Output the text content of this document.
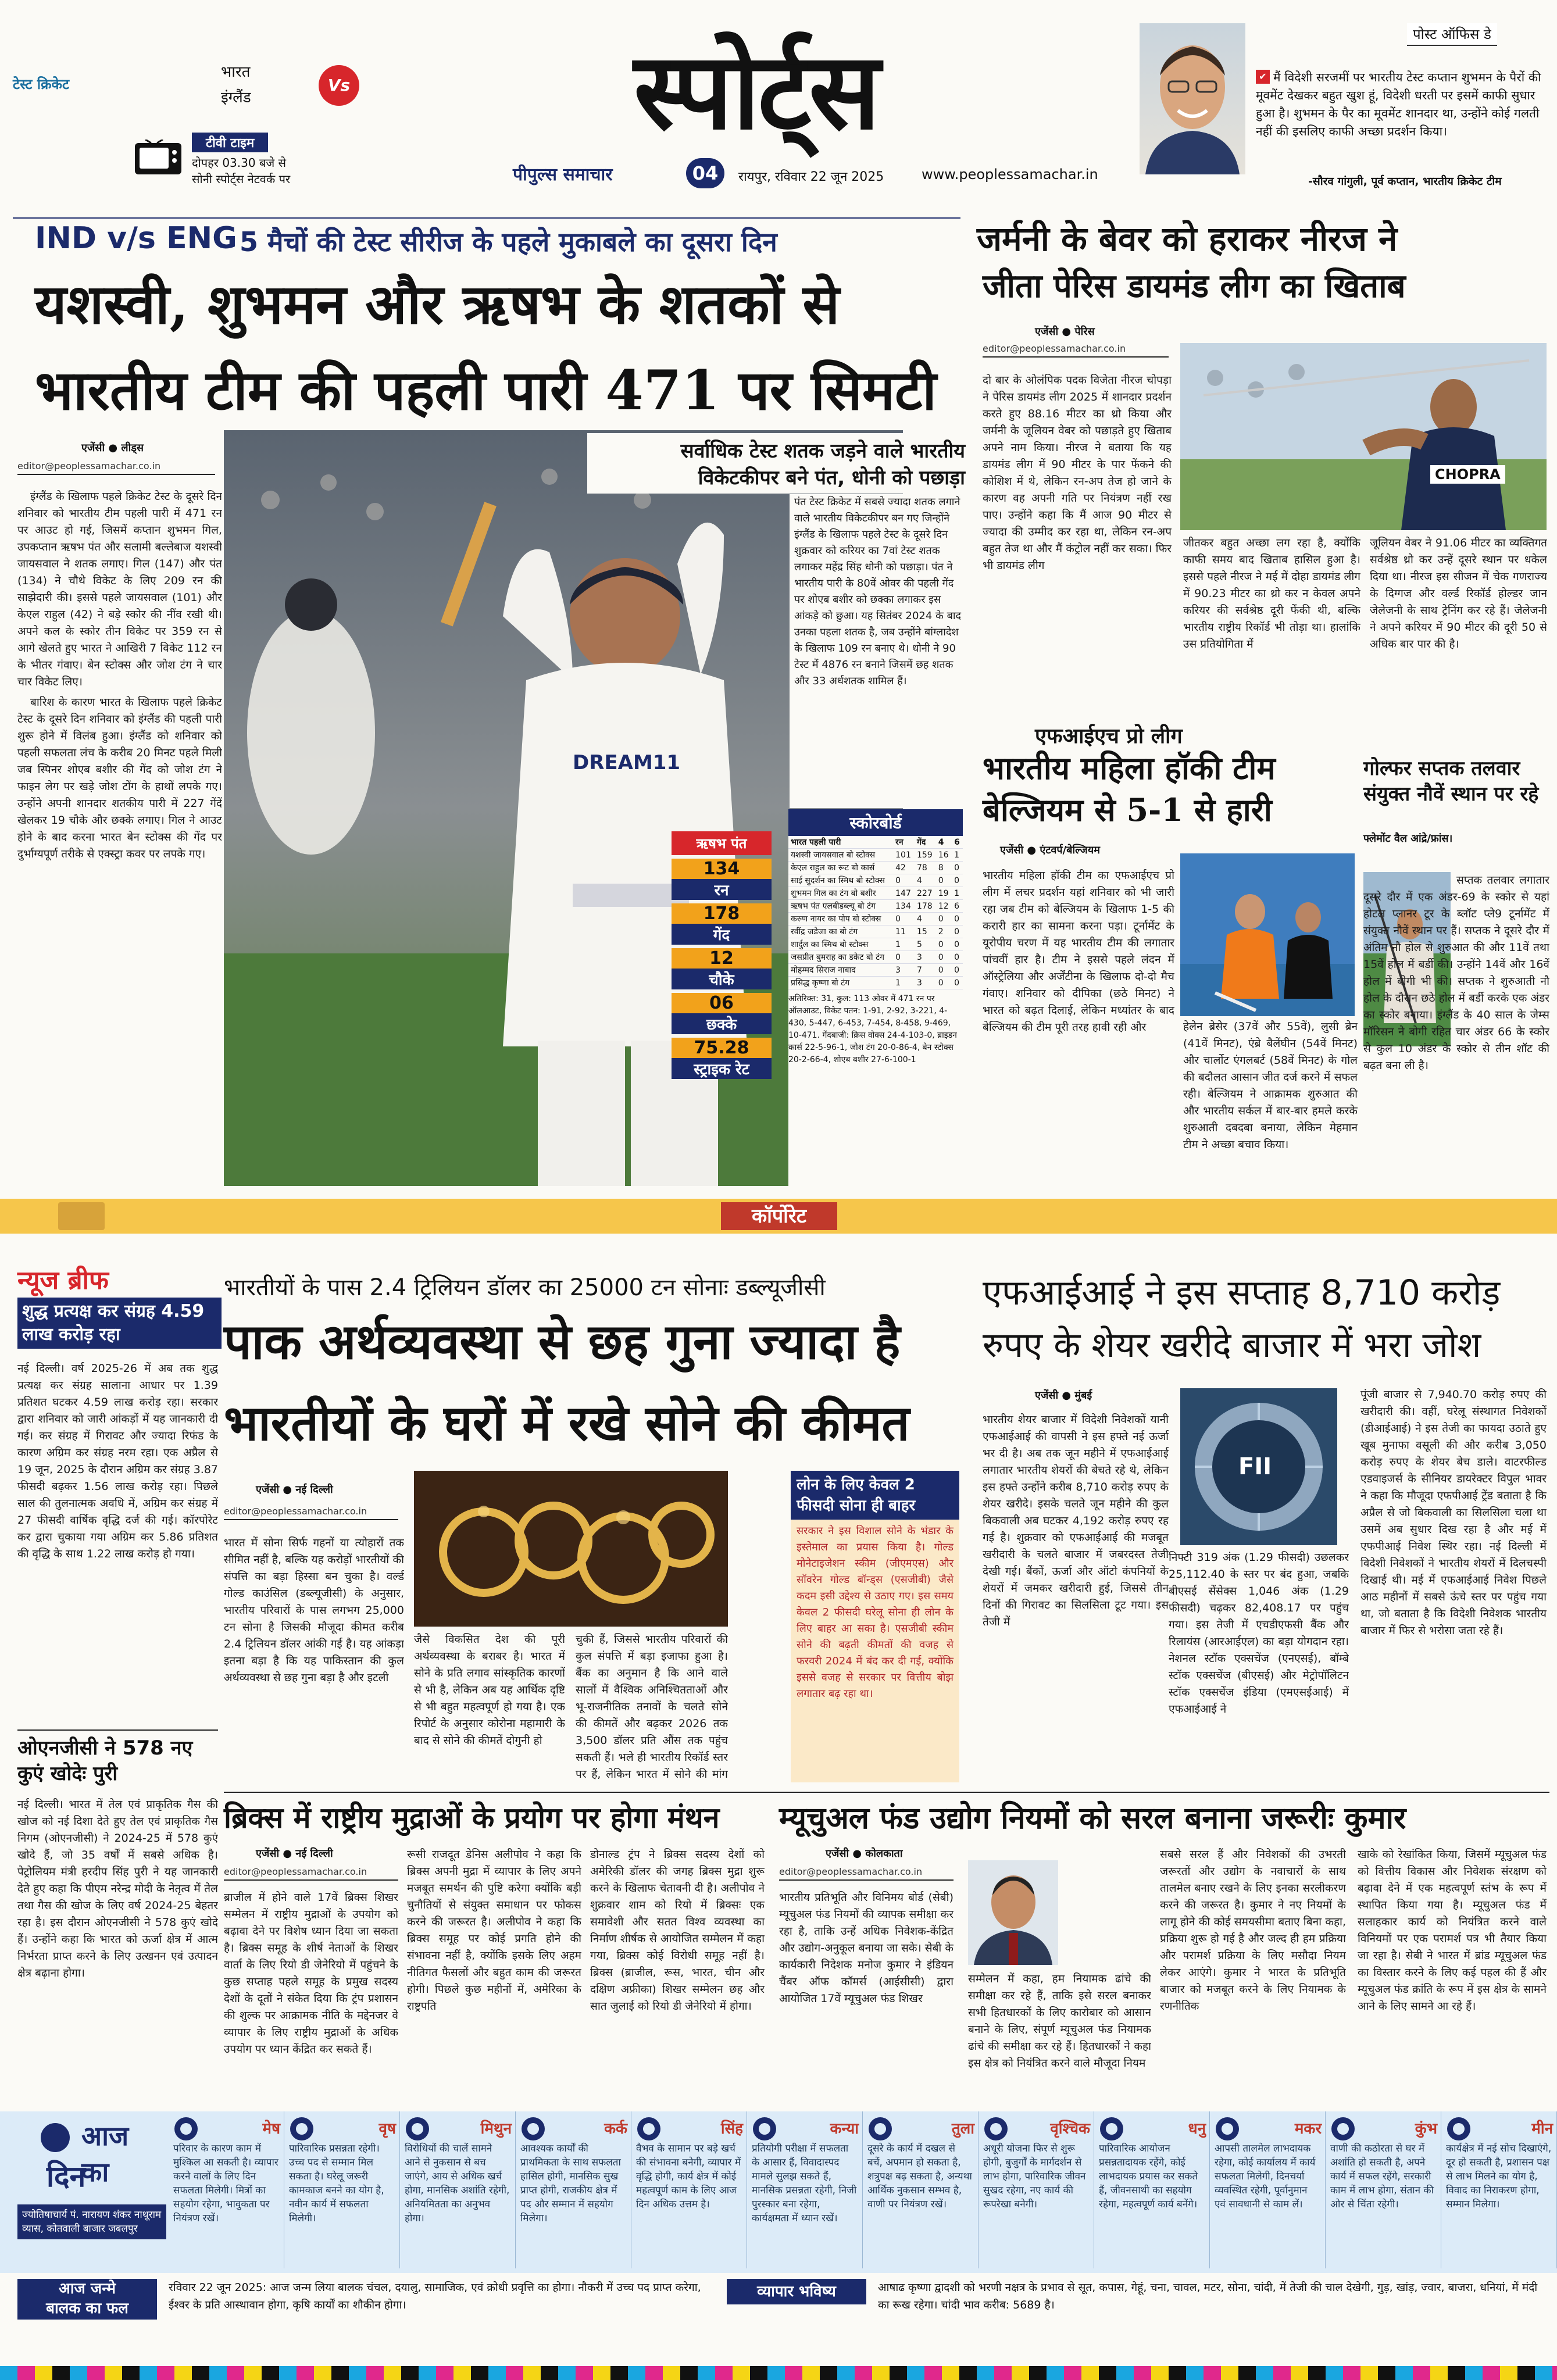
टेस्ट क्रिकेट
भारत
इंग्लैंड
Vs
टीवी टाइम
दोपहर 03.30 बजे से
सोनी स्पोर्ट्स नेटवर्क पर
स्पोर्ट्स
पीपुल्स समाचार	04	रायपुर, रविवार 22 जून 2025	www.peoplessamachar.in
पोस्ट ऑफिस डे
✔ मैं विदेशी सरजमीं पर भारतीय टेस्ट कप्तान शुभमन के पैरों की मूवमेंट देखकर बहुत खुश हूं, विदेशी धरती पर इसमें काफी सुधार हुआ है। शुभमन के पैर का मूवमेंट शानदार था, उन्होंने कोई गलती नहीं की इसलिए काफी अच्छा प्रदर्शन किया।
-सौरव गांगुली, पूर्व कप्तान, भारतीय क्रिकेट टीम
IND v/s ENG 5 मैचों की टेस्ट सीरीज के पहले मुकाबले का दूसरा दिन
यशस्वी, शुभमन और ऋषभ के शतकों से
भारतीय टीम की पहली पारी 471 पर सिमटी
एजेंसी ● लीड्स
editor@peoplessamachar.co.in

इंग्लैंड के खिलाफ पहले क्रिकेट टेस्ट के दूसरे दिन शनिवार को भारतीय टीम पहली पारी में 471 रन पर आउट हो गई, जिसमें कप्तान शुभमन गिल, उपकप्तान ऋषभ पंत और सलामी बल्लेबाज यशस्वी जायसवाल ने शतक लगाए। गिल (147) और पंत (134) ने चौथे विकेट के लिए 209 रन की साझेदारी की। इससे पहले जायसवाल (101) और केएल राहुल (42) ने बड़े स्कोर की नींव रखी थी। अपने कल के स्कोर तीन विकेट पर 359 रन से आगे खेलते हुए भारत ने आखिरी 7 विकेट 112 रन के भीतर गंवाए। बेन स्टोक्स और जोश टंग ने चार चार विकेट लिए।

बारिश के कारण भारत के खिलाफ पहले क्रिकेट टेस्ट के दूसरे दिन शनिवार को इंग्लैंड की पहली पारी शुरू होने में विलंब हुआ। इंग्लैंड को शनिवार को पहली सफलता लंच के करीब 20 मिनट पहले मिली जब स्पिनर शोएब बशीर की गेंद को जोश टंग ने फाइन लेग पर खड़े जोश टोंग के हाथों लपके गए। उन्होंने अपनी शानदार शतकीय पारी में 227 गेंदें खेलकर 19 चौके और छक्के लगाए। गिल ने आउट होने के बाद करना भारत बेन स्टोक्स की गेंद पर दुर्भाग्यपूर्ण तरीके से एक्स्ट्रा कवर पर लपके गए।

DREAM11
ऋषभ पंत
134
रन
178
गेंद
12
चौके
06
छक्के
75.28
स्ट्राइक रेट
सर्वाधिक टेस्ट शतक जड़ने वाले भारतीय
विकेटकीपर बने पंत, धोनी को पछाड़ा
पंत टेस्ट क्रिकेट में सबसे ज्यादा शतक लगाने वाले भारतीय विकेटकीपर बन गए जिन्होंने इंग्लैंड के खिलाफ पहले टेस्ट के दूसरे दिन शुक्रवार को करियर का 7वां टेस्ट शतक लगाकर महेंद्र सिंह धोनी को पछाड़ा। पंत ने भारतीय पारी के 80वें ओवर की पहली गेंद पर शोएब बशीर को छक्का लगाकर इस आंकड़े को छुआ। यह सितंबर 2024 के बाद उनका पहला शतक है, जब उन्होंने बांग्लादेश के खिलाफ 109 रन बनाए थे। धोनी ने 90 टेस्ट में 4876 रन बनाने जिसमें छह शतक और 33 अर्धशतक शामिल हैं।
स्कोरबोर्ड
भारत पहली पारी	रन	गेंद	4	6
यशस्वी जायसवाल बो स्टोक्स	101	159	16	1
केएल राहुल का रूट बो कार्स	42	78	8	0
साई सुदर्शन का स्मिथ बो स्टोक्स	0	4	0	0
शुभमन गिल का टंग बो बशीर	147	227	19	1
ऋषभ पंत एलबीडब्ल्यू बो टंग	134	178	12	6
करुण नायर का पोप बो स्टोक्स	0	4	0	0
रवींद्र जडेजा का बो टंग	11	15	2	0
शार्दुल का स्मिथ बो स्टोक्स	1	5	0	0
जसप्रीत बुमराह का डकेट बो टंग	0	3	0	0
मोहम्मद सिराज नाबाद	3	7	0	0
प्रसिद्ध कृष्णा बो टंग	1	3	0	0
अतिरिक्त: 31, कुल: 113 ओवर में 471 रन पर ऑलआउट, विकेट पतन: 1-91, 2-92, 3-221, 4-430, 5-447, 6-453, 7-454, 8-458, 9-469, 10-471. गेंदबाजी: क्रिस वोक्स 24-4-103-0, ब्राइडन कार्स 22-5-96-1, जोश टंग 20-0-86-4, बेन स्टोक्स 20-2-66-4, शोएब बशीर 27-6-100-1
जर्मनी के बेवर को हराकर नीरज ने
जीता पेरिस डायमंड लीग का खिताब
एजेंसी ● पेरिस
editor@peoplessamachar.co.in
दो बार के ओलंपिक पदक विजेता नीरज चोपड़ा ने पेरिस डायमंड लीग 2025 में शानदार प्रदर्शन करते हुए 88.16 मीटर का थ्रो किया और जर्मनी के जूलियन वेबर को पछाड़ते हुए खिताब अपने नाम किया। नीरज ने बताया कि यह डायमंड लीग में 90 मीटर के पार फेंकने की कोशिश में थे, लेकिन रन-अप तेज हो जाने के कारण वह अपनी गति पर नियंत्रण नहीं रख पाए। उन्होंने कहा कि मैं आज 90 मीटर से ज्यादा की उम्मीद कर रहा था, लेकिन रन-अप बहुत तेज था और मैं कंट्रोल नहीं कर सका। फिर भी डायमंड लीग
CHOPRA
जीतकर बहुत अच्छा लग रहा है, क्योंकि काफी समय बाद खिताब हासिल हुआ है। इससे पहले नीरज ने मई में दोहा डायमंड लीग में 90.23 मीटर का थ्रो कर न केवल अपने करियर की सर्वश्रेष्ठ दूरी फेंकी थी, बल्कि भारतीय राष्ट्रीय रिकॉर्ड भी तोड़ा था। हालांकि उस प्रतियोगिता में
जूलियन वेबर ने 91.06 मीटर का व्यक्तिगत सर्वश्रेष्ठ थ्रो कर उन्हें दूसरे स्थान पर धकेल दिया था। नीरज इस सीजन में चेक गणराज्य के दिग्गज और वर्ल्ड रिकॉर्ड होल्डर जान जेलेजनी के साथ ट्रेनिंग कर रहे हैं। जेलेजनी ने अपने करियर में 90 मीटर की दूरी 50 से अधिक बार पार की है।
एफआईएच प्रो लीग
भारतीय महिला हॉकी टीम
बेल्जियम से 5-1 से हारी
एजेंसी ● एंटवर्प/बेल्जियम
भारतीय महिला हॉकी टीम का एफआईएच प्रो लीग में लचर प्रदर्शन यहां शनिवार को भी जारी रहा जब टीम को बेल्जियम के खिलाफ 1-5 की करारी हार का सामना करना पड़ा। टूर्नामेंट के यूरोपीय चरण में यह भारतीय टीम की लगातार पांचवीं हार है। टीम ने इससे पहले लंदन में ऑस्ट्रेलिया और अर्जेंटीना के खिलाफ दो-दो मैच गंवाए। शनिवार को दीपिका (छठे मिनट) ने भारत को बढ़त दिलाई, लेकिन मध्यांतर के बाद बेल्जियम की टीम पूरी तरह हावी रही और	हेलेन ब्रेसेर (37वें और 55वें), लुसी ब्रेन (41वें मिनट), एंब्रे बैलेंघीन (54वें मिनट) और चार्लोट एंगलबर्ट (58वें मिनट) के गोल की बदौलत आसान जीत दर्ज करने में सफल रही। बेल्जियम ने आक्रामक शुरुआत की और भारतीय सर्कल में बार-बार हमले करके शुरुआती दबदबा बनाया, लेकिन मेहमान टीम ने अच्छा बचाव किया।
गोल्फर सप्तक तलवार संयुक्त नौवें स्थान पर रहे
फ्लेमोंट वैल आंद्रे/फ्रांस।
सप्तक तलवार लगातार दूसरे दौर में एक अंडर-69 के स्कोर से यहां होटल प्लानर टूर के ब्लॉट प्ले9 टूर्नामेंट में संयुक्त नौवें स्थान पर हैं। सप्तक ने दूसरे दौर में अंतिम नौ होल से शुरुआत की और 11वें तथा 15वें होल में बर्डी की। उन्होंने 14वें और 16वें होल में बोगी भी की। सप्तक ने शुरुआती नौ होल के दौरान छठे होल में बर्डी करके एक अंडर का स्कोर बनाया। इंग्लैंड के 40 साल के जेम्स मॉरिसन ने बोगी रहित चार अंडर 66 के स्कोर से कुल 10 अंडर के स्कोर से तीन शॉट की बढ़त बना ली है।
कॉर्पोरेट
न्यूज ब्रीफ
शुद्ध प्रत्यक्ष कर संग्रह 4.59 लाख करोड़ रहा
नई दिल्ली। वर्ष 2025-26 में अब तक शुद्ध प्रत्यक्ष कर संग्रह सालाना आधार पर 1.39 प्रतिशत घटकर 4.59 लाख करोड़ रहा। सरकार द्वारा शनिवार को जारी आंकड़ों में यह जानकारी दी गई। कर संग्रह में गिरावट और ज्यादा रिफंड के कारण अग्रिम कर संग्रह नरम रहा। एक अप्रैल से 19 जून, 2025 के दौरान अग्रिम कर संग्रह 3.87 फीसदी बढ़कर 1.56 लाख करोड़ रहा। पिछले साल की तुलनात्मक अवधि में, अग्रिम कर संग्रह में 27 फीसदी वार्षिक वृद्धि दर्ज की गई। कॉरपोरेट कर द्वारा चुकाया गया अग्रिम कर 5.86 प्रतिशत की वृद्धि के साथ 1.22 लाख करोड़ हो गया।
ओएनजीसी ने 578 नए कुएं खोदेः पुरी
नई दिल्ली। भारत में तेल एवं प्राकृतिक गैस की खोज को नई दिशा देते हुए तेल एवं प्राकृतिक गैस निगम (ओएनजीसी) ने 2024-25 में 578 कुएं खोदे हैं, जो 35 वर्षों में सबसे अधिक है। पेट्रोलियम मंत्री हरदीप सिंह पुरी ने यह जानकारी देते हुए कहा कि पीएम नरेन्द्र मोदी के नेतृत्व में तेल तथा गैस की खोज के लिए वर्ष 2024-25 बेहतर रहा है। इस दौरान ओएनजीसी ने 578 कुएं खोदे हैं। उन्होंने कहा कि भारत को ऊर्जा क्षेत्र में आत्म निर्भरता प्राप्त करने के लिए उत्खनन एवं उत्पादन क्षेत्र बढ़ाना होगा।
भारतीयों के पास 2.4 ट्रिलियन डॉलर का 25000 टन सोनाः डब्ल्यूजीसी
पाक अर्थव्यवस्था से छह गुना ज्यादा है
भारतीयों के घरों में रखे सोने की कीमत
एजेंसी ● नई दिल्ली
editor@peoplessamachar.co.in
भारत में सोना सिर्फ गहनों या त्योहारों तक सीमित नहीं है, बल्कि यह करोड़ों भारतीयों की संपत्ति का बड़ा हिस्सा बन चुका है। वर्ल्ड गोल्ड काउंसिल (डब्ल्यूजीसी) के अनुसार, भारतीय परिवारों के पास लगभग 25,000 टन सोना है जिसकी मौजूदा कीमत करीब 2.4 ट्रिलियन डॉलर आंकी गई है। यह आंकड़ा इतना बड़ा है कि यह पाकिस्तान की कुल अर्थव्यवस्था से छह गुना बड़ा है और इटली
जैसे विकसित देश की पूरी अर्थव्यवस्था के बराबर है। भारत में सोने के प्रति लगाव सांस्कृतिक कारणों से भी है, लेकिन अब यह आर्थिक दृष्टि से भी बहुत महत्वपूर्ण हो गया है। एक रिपोर्ट के अनुसार कोरोना महामारी के बाद से सोने की कीमतें दोगुनी हो
चुकी हैं, जिससे भारतीय परिवारों की कुल संपत्ति में बड़ा इजाफा हुआ है। बैंक का अनुमान है कि आने वाले सालों में वैश्विक अनिश्चितताओं और भू-राजनीतिक तनावों के चलते सोने की कीमतें और बढ़कर 2026 तक 3,500 डॉलर प्रति औंस तक पहुंच सकती हैं। भले ही भारतीय रिकॉर्ड स्तर पर हैं, लेकिन भारत में सोने की मांग
लोन के लिए केवल 2 फीसदी सोना ही बाहर
सरकार ने इस विशाल सोने के भंडार के इस्तेमाल का प्रयास किया है। गोल्ड मोनेटाइजेशन स्कीम (जीएमएस) और सॉवरेन गोल्ड बॉन्ड्स (एसजीबी) जैसे कदम इसी उद्देश्य से उठाए गए। इस समय केवल 2 फीसदी घरेलू सोना ही लोन के लिए बाहर आ सका है। एसजीबी स्कीम सोने की बढ़ती कीमतों की वजह से फरवरी 2024 में बंद कर दी गई, क्योंकि इससे वजह से सरकार पर वित्तीय बोझ लगातार बढ़ रहा था।
एफआईआई ने इस सप्ताह 8,710 करोड़
रुपए के शेयर खरीदे बाजार में भरा जोश
एजेंसी ● मुंबई
भारतीय शेयर बाजार में विदेशी निवेशकों यानी एफआईआई की वापसी ने इस हफ्ते नई ऊर्जा भर दी है। अब तक जून महीने में एफआईआई लगातार भारतीय शेयरों की बेचते रहे थे, लेकिन इस हफ्ते उन्होंने करीब 8,710 करोड़ रुपए के शेयर खरीदे। इसके चलते जून महीने की कुल बिकवाली अब घटकर 4,192 करोड़ रुपए रह गई है। शुक्रवार को एफआईआई की मजबूत खरीदारी के चलते बाजार में जबरदस्त तेजी देखी गई। बैंकों, ऊर्जा और ऑटो कंपनियों के शेयरों में जमकर खरीदारी हुई, जिससे तीन दिनों की गिरावट का सिलसिला टूट गया। इस तेजी में
FII
निफ्टी 319 अंक (1.29 फीसदी) उछलकर 25,112.40 के स्तर पर बंद हुआ, जबकि बीएसई सेंसेक्स 1,046 अंक (1.29 फीसदी) चढ़कर 82,408.17 पर पहुंच गया। इस तेजी में एचडीएफसी बैंक और रिलायंस (आरआईएल) का बड़ा योगदान रहा। नेशनल स्टॉक एक्सचेंज (एनएसई), बॉम्बे स्टॉक एक्सचेंज (बीएसई) और मेट्रोपॉलिटन स्टॉक एक्सचेंज इंडिया (एमएसईआई) में एफआईआई ने
पूंजी बाजार से 7,940.70 करोड़ रुपए की खरीदारी की। वहीं, घरेलू संस्थागत निवेशकों (डीआईआई) ने इस तेजी का फायदा उठाते हुए खूब मुनाफा वसूली की और करीब 3,050 करोड़ रुपए के शेयर बेच डाले। वाटरफील्ड एडवाइजर्स के सीनियर डायरेक्टर विपुल भावर ने कहा कि मौजूदा एफपीआई ट्रेंड बताता है कि अप्रैल से जो बिकवाली का सिलसिला चला था उसमें अब सुधार दिख रहा है और मई में एफपीआई निवेश स्थिर रहा। नई दिल्ली में विदेशी निवेशकों ने भारतीय शेयरों में दिलचस्पी दिखाई थी। मई में एफआईआई निवेश पिछले आठ महीनों में सबसे ऊंचे स्तर पर पहुंच गया था, जो बताता है कि विदेशी निवेशक भारतीय बाजार में फिर से भरोसा जता रहे हैं।
ब्रिक्स में राष्ट्रीय मुद्राओं के प्रयोग पर होगा मंथन
एजेंसी ● नई दिल्ली
editor@peoplessamachar.co.in
ब्राजील में होने वाले 17वें ब्रिक्स शिखर सम्मेलन में राष्ट्रीय मुद्राओं के उपयोग को बढ़ावा देने पर विशेष ध्यान दिया जा सकता है। ब्रिक्स समूह के शीर्ष नेताओं के शिखर वार्ता के लिए रियो डी जेनेरियो में पहुंचने के कुछ सप्ताह पहले समूह के प्रमुख सदस्य देशों के दूतों ने संकेत दिया कि ट्रंप प्रशासन की शुल्क पर आक्रामक नीति के मद्देनजर वे व्यापार के लिए राष्ट्रीय मुद्राओं के अधिक उपयोग पर ध्यान केंद्रित कर सकते हैं।
रूसी राजदूत डेनिस अलीपोव ने कहा कि ब्रिक्स अपनी मुद्रा में व्यापार के लिए अपने मजबूत समर्थन की पुष्टि करेगा क्योंकि बड़ी चुनौतियों से संयुक्त समाधान पर फोकस करने की जरूरत है। अलीपोव ने कहा कि ब्रिक्स समूह पर कोई प्रगति होने की संभावना नहीं है, क्योंकि इसके लिए अहम नीतिगत फैसलों और बहुत काम की जरूरत होगी। पिछले कुछ महीनों में, अमेरिका के राष्ट्रपति
डोनाल्ड ट्रंप ने ब्रिक्स सदस्य देशों को अमेरिकी डॉलर की जगह ब्रिक्स मुद्रा शुरू करने के खिलाफ चेतावनी दी है। अलीपोव ने शुक्रवार शाम को रियो में ब्रिक्सः एक समावेशी और सतत विश्व व्यवस्था का निर्माण शीर्षक से आयोजित सम्मेलन में कहा गया, ब्रिक्स कोई विरोधी समूह नहीं है। ब्रिक्स (ब्राजील, रूस, भारत, चीन और दक्षिण अफ्रीका) शिखर सम्मेलन छह और सात जुलाई को रियो डी जेनेरियो में होगा।
म्यूचुअल फंड उद्योग नियमों को सरल बनाना जरूरीः कुमार
एजेंसी ● कोलकाता
editor@peoplessamachar.co.in
भारतीय प्रतिभूति और विनिमय बोर्ड (सेबी) म्यूचुअल फंड नियमों की व्यापक समीक्षा कर रहा है, ताकि उन्हें अधिक निवेशक-केंद्रित और उद्योग-अनुकूल बनाया जा सके। सेबी के कार्यकारी निदेशक मनोज कुमार ने इंडियन चैंबर ऑफ कॉमर्स (आईसीसी) द्वारा आयोजित 17वें म्यूचुअल फंड शिखर
सम्मेलन में कहा, हम नियामक ढांचे की समीक्षा कर रहे हैं, ताकि इसे सरल बनाकर सभी हितधारकों के लिए कारोबार को आसान बनाने के लिए, संपूर्ण म्यूचुअल फंड नियामक ढांचे की समीक्षा कर रहे हैं। हितधारकों ने कहा इस क्षेत्र को नियंत्रित करने वाले मौजूदा नियम
सबसे सरल हैं और निवेशकों की उभरती जरूरतों और उद्योग के नवाचारों के साथ तालमेल बनाए रखने के लिए इनका सरलीकरण करने की जरूरत है। कुमार ने नए नियमों के लागू होने की कोई समयसीमा बताए बिना कहा, प्रक्रिया शुरू हो गई है और जल्द ही हम प्रक्रिया और परामर्श प्रक्रिया के लिए मसौदा नियम लेकर आएंगे। कुमार ने भारत के प्रतिभूति बाजार को मजबूत करने के लिए नियामक के रणनीतिक
खाके को रेखांकित किया, जिसमें म्यूचुअल फंड को वित्तीय विकास और निवेशक संरक्षण को बढ़ावा देने में एक महत्वपूर्ण स्तंभ के रूप में स्थापित किया गया है। म्यूचुअल फंड में सलाहकार कार्य को नियंत्रित करने वाले विनियमों पर एक परामर्श पत्र भी तैयार किया जा रहा है। सेबी ने भारत में ब्रांड म्यूचुअल फंड का विस्तार करने के लिए कई पहल की हैं और म्यूचुअल फंड क्रांति के रूप में इस क्षेत्र के सामने आने के लिए सामने आ रहे हैं।
आज का
दिन
ज्योतिषाचार्य पं. नारायण शंकर नाथूराम व्यास, कोतवाली बाजार जबलपुर
मेष
परिवार के कारण काम में मुश्किल आ सकती है। व्यापार करने वालों के लिए दिन सफलता मिलेगी। मित्रों का सहयोग रहेगा, भावुकता पर नियंत्रण रखें।
वृष
पारिवारिक प्रसन्नता रहेगी। उच्च पद से सम्मान मिल सकता है। घरेलू जरूरी कामकाज बनने का योग है, नवीन कार्य में सफलता मिलेगी।
मिथुन
विरोधियों की चालें सामने आने से नुकसान से बच जाएंगे, आय से अधिक खर्च होगा, मानसिक अशांति रहेगी, अनियमितता का अनुभव होगा।
कर्क
आवश्यक कार्यों की प्राथमिकता के साथ सफलता हासिल होगी, मानसिक सुख प्राप्त होगी, राजकीय क्षेत्र में पद और सम्मान में सहयोग मिलेगा।
सिंह
वैभव के सामान पर बड़े खर्च की संभावना बनेगी, व्यापार में वृद्धि होगी, कार्य क्षेत्र में कोई महत्वपूर्ण काम के लिए आज दिन अधिक उत्तम है।
कन्या
प्रतियोगी परीक्षा में सफलता के आसार हैं, विवादास्पद मामले सुलझ सकते हैं, मानसिक प्रसन्नता रहेगी, निजी पुरस्कार बना रहेगा, कार्यक्षमता में ध्यान रखें।
तुला
दूसरे के कार्य में दखल से बचें, अपमान हो सकता है, शत्रुपक्ष बढ़ सकता है, अन्यथा आर्थिक नुकसान सम्भव है, वाणी पर नियंत्रण रखें।
वृश्चिक
अधूरी योजना फिर से शुरू होगी, बुजुर्गों के मार्गदर्शन से लाभ होगा, पारिवारिक जीवन सुखद रहेगा, नए कार्य की रूपरेखा बनेगी।
धनु
पारिवारिक आयोजन प्रसन्नतादायक रहेंगे, कोई लाभदायक प्रयास कर सकते हैं, जीवनसाथी का सहयोग रहेगा, महत्वपूर्ण कार्य बनेंगे।
मकर
आपसी तालमेल लाभदायक रहेगा, कोई कार्यालय में कार्य सफलता मिलेगी, दिनचर्या व्यवस्थित रहेगी, पूर्वानुमान एवं सावधानी से काम लें।
कुंभ
वाणी की कठोरता से घर में अशांति हो सकती है, अपने कार्य में सफल रहेंगे, सरकारी काम में लाभ होगा, संतान की ओर से चिंता रहेगी।
मीन
कार्यक्षेत्र में नई सोच दिखाएंगे, दूर हो सकती है, प्रशासन पक्ष से लाभ मिलने का योग है, विवाद का निराकरण होगा, सम्मान मिलेगा।
आज जन्मे
बालक का फल
रविवार 22 जून 2025: आज जन्म लिया बालक चंचल, दयालु, सामाजिक, एवं क्रोधी प्रवृत्ति का होगा। नौकरी में उच्च पद प्राप्त करेगा, ईश्वर के प्रति आस्थावान होगा, कृषि कार्यों का शौकीन होगा।
व्यापार भविष्य	आषाढ कृष्णा द्वादशी को भरणी नक्षत्र के प्रभाव से सूत, कपास, गेहूं, चना, चावल, मटर, सोना, चांदी, में तेजी की चाल देखेगी, गुड़, खांड़, ज्वार, बाजरा, धनियां, में मंदी का रूख रहेगा। चांदी भाव करीब: 5689 है।
